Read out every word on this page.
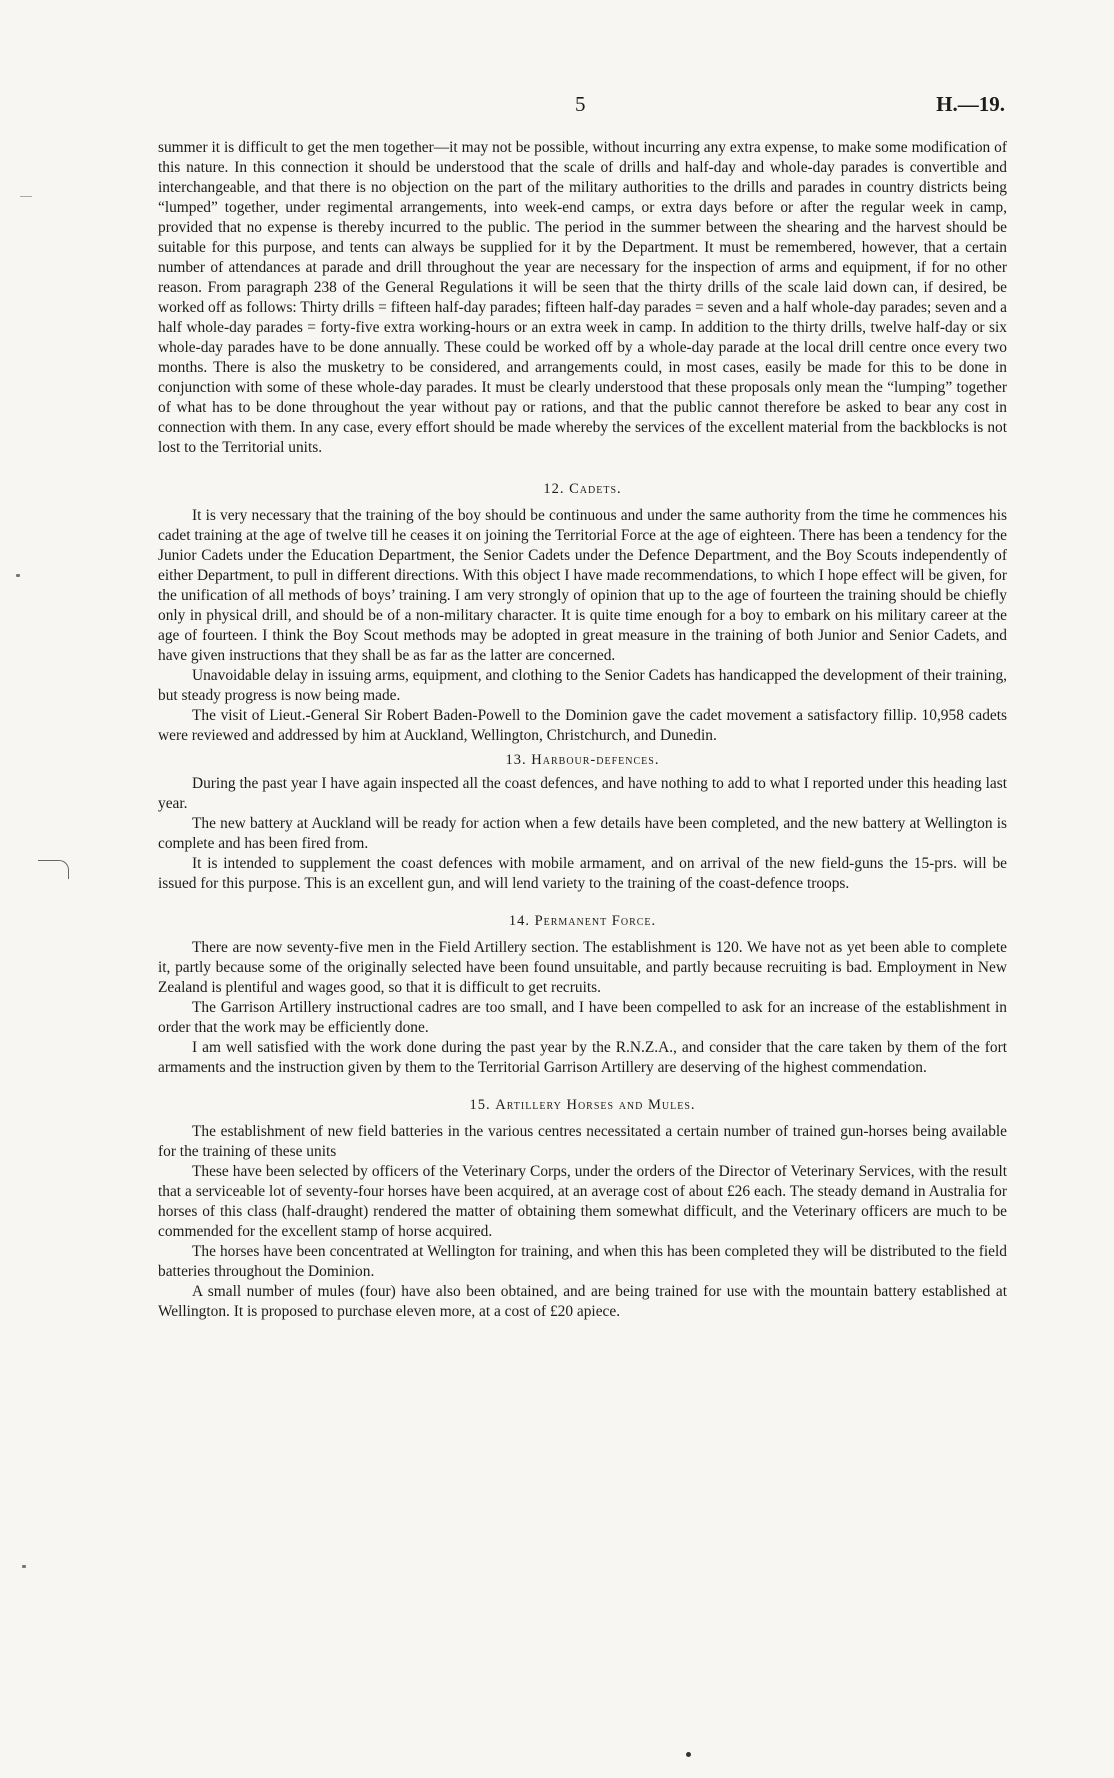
5	H.—19.

summer it is difficult to get the men together—it may not be possible, without incurring any extra expense, to make some modification of this nature. In this connection it should be understood that the scale of drills and half-day and whole-day parades is convertible and interchangeable, and that there is no objection on the part of the military authorities to the drills and parades in country districts being “lumped” together, under regimental arrangements, into week-end camps, or extra days before or after the regular week in camp, provided that no expense is thereby incurred to the public. The period in the summer between the shearing and the harvest should be suitable for this purpose, and tents can always be supplied for it by the Department. It must be remembered, however, that a certain number of attendances at parade and drill throughout the year are necessary for the inspection of arms and equipment, if for no other reason. From paragraph 238 of the General Regulations it will be seen that the thirty drills of the scale laid down can, if desired, be worked off as follows: Thirty drills = fifteen half-day parades; fifteen half-day parades = seven and a half whole-day parades; seven and a half whole-day parades = forty-five extra working-hours or an extra week in camp. In addition to the thirty drills, twelve half-day or six whole-day parades have to be done annually. These could be worked off by a whole-day parade at the local drill centre once every two months. There is also the musketry to be considered, and arrangements could, in most cases, easily be made for this to be done in conjunction with some of these whole-day parades. It must be clearly understood that these proposals only mean the “lumping” together of what has to be done throughout the year without pay or rations, and that the public cannot therefore be asked to bear any cost in connection with them. In any case, every effort should be made whereby the services of the excellent material from the backblocks is not lost to the Territorial units.

12. Cadets.

It is very necessary that the training of the boy should be continuous and under the same authority from the time he commences his cadet training at the age of twelve till he ceases it on joining the Territorial Force at the age of eighteen. There has been a tendency for the Junior Cadets under the Education Department, the Senior Cadets under the Defence Department, and the Boy Scouts independently of either Department, to pull in different directions. With this object I have made recommendations, to which I hope effect will be given, for the unification of all methods of boys’ training. I am very strongly of opinion that up to the age of fourteen the training should be chiefly only in physical drill, and should be of a non-military character. It is quite time enough for a boy to embark on his military career at the age of fourteen. I think the Boy Scout methods may be adopted in great measure in the training of both Junior and Senior Cadets, and have given instructions that they shall be as far as the latter are concerned.

Unavoidable delay in issuing arms, equipment, and clothing to the Senior Cadets has handicapped the development of their training, but steady progress is now being made.

The visit of Lieut.-General Sir Robert Baden-Powell to the Dominion gave the cadet movement a satisfactory fillip. 10,958 cadets were reviewed and addressed by him at Auckland, Wellington, Christchurch, and Dunedin.

13. Harbour-defences.

During the past year I have again inspected all the coast defences, and have nothing to add to what I reported under this heading last year.

The new battery at Auckland will be ready for action when a few details have been completed, and the new battery at Wellington is complete and has been fired from.

It is intended to supplement the coast defences with mobile armament, and on arrival of the new field-guns the 15-prs. will be issued for this purpose. This is an excellent gun, and will lend variety to the training of the coast-defence troops.

14. Permanent Force.

There are now seventy-five men in the Field Artillery section. The establishment is 120. We have not as yet been able to complete it, partly because some of the originally selected have been found unsuitable, and partly because recruiting is bad. Employment in New Zealand is plentiful and wages good, so that it is difficult to get recruits.

The Garrison Artillery instructional cadres are too small, and I have been compelled to ask for an increase of the establishment in order that the work may be efficiently done.

I am well satisfied with the work done during the past year by the R.N.Z.A., and consider that the care taken by them of the fort armaments and the instruction given by them to the Territorial Garrison Artillery are deserving of the highest commendation.

15. Artillery Horses and Mules.

The establishment of new field batteries in the various centres necessitated a certain number of trained gun-horses being available for the training of these units

These have been selected by officers of the Veterinary Corps, under the orders of the Director of Veterinary Services, with the result that a serviceable lot of seventy-four horses have been acquired, at an average cost of about £26 each. The steady demand in Australia for horses of this class (half-draught) rendered the matter of obtaining them somewhat difficult, and the Veterinary officers are much to be commended for the excellent stamp of horse acquired.

The horses have been concentrated at Wellington for training, and when this has been completed they will be distributed to the field batteries throughout the Dominion.

A small number of mules (four) have also been obtained, and are being trained for use with the mountain battery established at Wellington. It is proposed to purchase eleven more, at a cost of £20 apiece.
